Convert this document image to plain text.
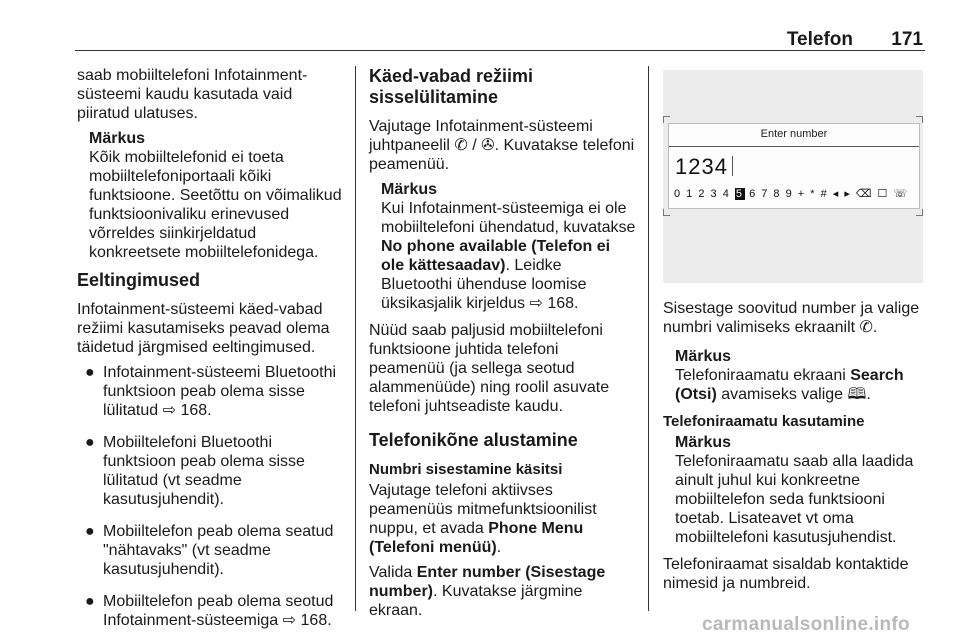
Telefon 171

saab mobiiltelefoni Infotainment-süsteemi kaudu kasutada vaid piiratud ulatuses.

Märkus
Kõik mobiiltelefonid ei toeta mobiiltelefoniportaali kõiki funktsioone. Seetõttu on võimalikud funktsioonivaliku erinevused võrreldes siinkirjeldatud konkreetsete mobiiltelefonidega.
Eeltingimused

Infotainment-süsteemi käed-vabad režiimi kasutamiseks peavad olema täidetud järgmised eeltingimused.

● Infotainment-süsteemi Bluetoothi funktsioon peab olema sisse lülitatud ⇨ 168.
● Mobiiltelefoni Bluetoothi funktsioon peab olema sisse lülitatud (vt seadme kasutusjuhendit).
● Mobiiltelefon peab olema seatud "nähtavaks" (vt seadme kasutusjuhendit).
● Mobiiltelefon peab olema seotud Infotainment-süsteemiga ⇨ 168.
Käed-vabad režiimi sisselülitamine

Vajutage Infotainment-süsteemi juhtpaneelil ✆ / ✇. Kuvatakse telefoni peamenüü.

Märkus
Kui Infotainment-süsteemiga ei ole mobiiltelefoni ühendatud, kuvatakse No phone available (Telefon ei ole kättesaadav). Leidke Bluetoothi ühenduse loomise üksikasjalik kirjeldus ⇨ 168.

Nüüd saab paljusid mobiiltelefoni funktsioone juhtida telefoni peamenüü (ja sellega seotud alammenüüde) ning roolil asuvate telefoni juhtseadiste kaudu.

Telefonikõne alustamine
Numbri sisestamine käsitsi

Vajutage telefoni aktiivses peamenüüs mitmefunktsioonilist nuppu, et avada Phone Menu (Telefoni menüü).

Valida Enter number (Sisestage number). Kuvatakse järgmine ekraan.

Enter number
1234
0 1 2 3 4 5 6 7 8 9 + * # ◂ ▸ ⌫ ☐ ☏

Sisestage soovitud number ja valige numbri valimiseks ekraanilt ✆.

Märkus
Telefoniraamatu ekraani Search (Otsi) avamiseks valige 🕮.
Telefoniraamatu kasutamine
Märkus
Telefoniraamatu saab alla laadida ainult juhul kui konkreetne mobiiltelefon seda funktsiooni toetab. Lisateavet vt oma mobiiltelefoni kasutusjuhendist.

Telefoniraamat sisaldab kontaktide nimesid ja numbreid.

carmanualsonline.info
